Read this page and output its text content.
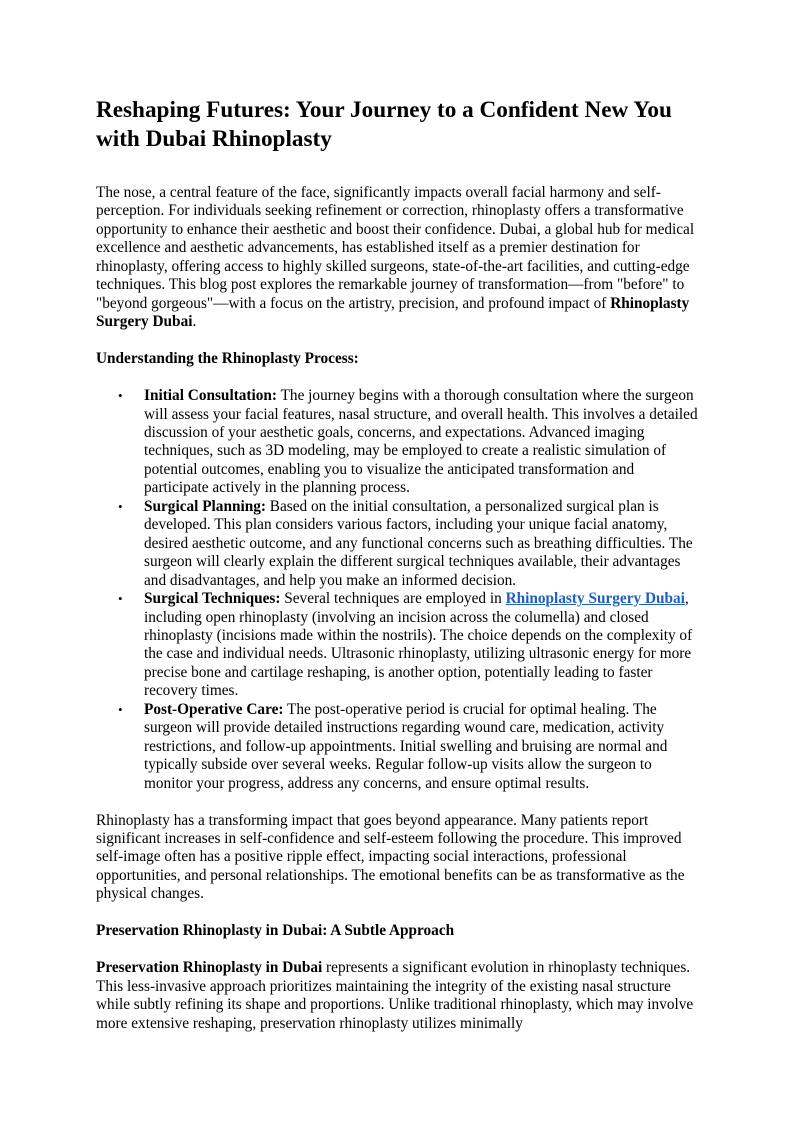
Reshaping Futures: Your Journey to a Confident New You with Dubai Rhinoplasty

The nose, a central feature of the face, significantly impacts overall facial harmony and self-perception. For individuals seeking refinement or correction, rhinoplasty offers a transformative opportunity to enhance their aesthetic and boost their confidence. Dubai, a global hub for medical excellence and aesthetic advancements, has established itself as a premier destination for rhinoplasty, offering access to highly skilled surgeons, state-of-the-art facilities, and cutting-edge techniques. This blog post explores the remarkable journey of transformation—from "before" to "beyond gorgeous"—with a focus on the artistry, precision, and profound impact of Rhinoplasty Surgery Dubai.

Understanding the Rhinoplasty Process:
• Initial Consultation: The journey begins with a thorough consultation where the surgeon will assess your facial features, nasal structure, and overall health. This involves a detailed discussion of your aesthetic goals, concerns, and expectations. Advanced imaging techniques, such as 3D modeling, may be employed to create a realistic simulation of potential outcomes, enabling you to visualize the anticipated transformation and participate actively in the planning process.
• Surgical Planning: Based on the initial consultation, a personalized surgical plan is developed. This plan considers various factors, including your unique facial anatomy, desired aesthetic outcome, and any functional concerns such as breathing difficulties. The surgeon will clearly explain the different surgical techniques available, their advantages and disadvantages, and help you make an informed decision.
• Surgical Techniques: Several techniques are employed in Rhinoplasty Surgery Dubai, including open rhinoplasty (involving an incision across the columella) and closed rhinoplasty (incisions made within the nostrils). The choice depends on the complexity of the case and individual needs. Ultrasonic rhinoplasty, utilizing ultrasonic energy for more precise bone and cartilage reshaping, is another option, potentially leading to faster recovery times.
• Post-Operative Care: The post-operative period is crucial for optimal healing. The surgeon will provide detailed instructions regarding wound care, medication, activity restrictions, and follow-up appointments. Initial swelling and bruising are normal and typically subside over several weeks. Regular follow-up visits allow the surgeon to monitor your progress, address any concerns, and ensure optimal results.

Rhinoplasty has a transforming impact that goes beyond appearance. Many patients report significant increases in self-confidence and self-esteem following the procedure. This improved self-image often has a positive ripple effect, impacting social interactions, professional opportunities, and personal relationships. The emotional benefits can be as transformative as the physical changes.

Preservation Rhinoplasty in Dubai: A Subtle Approach

Preservation Rhinoplasty in Dubai represents a significant evolution in rhinoplasty techniques. This less-invasive approach prioritizes maintaining the integrity of the existing nasal structure while subtly refining its shape and proportions. Unlike traditional rhinoplasty, which may involve more extensive reshaping, preservation rhinoplasty utilizes minimally
